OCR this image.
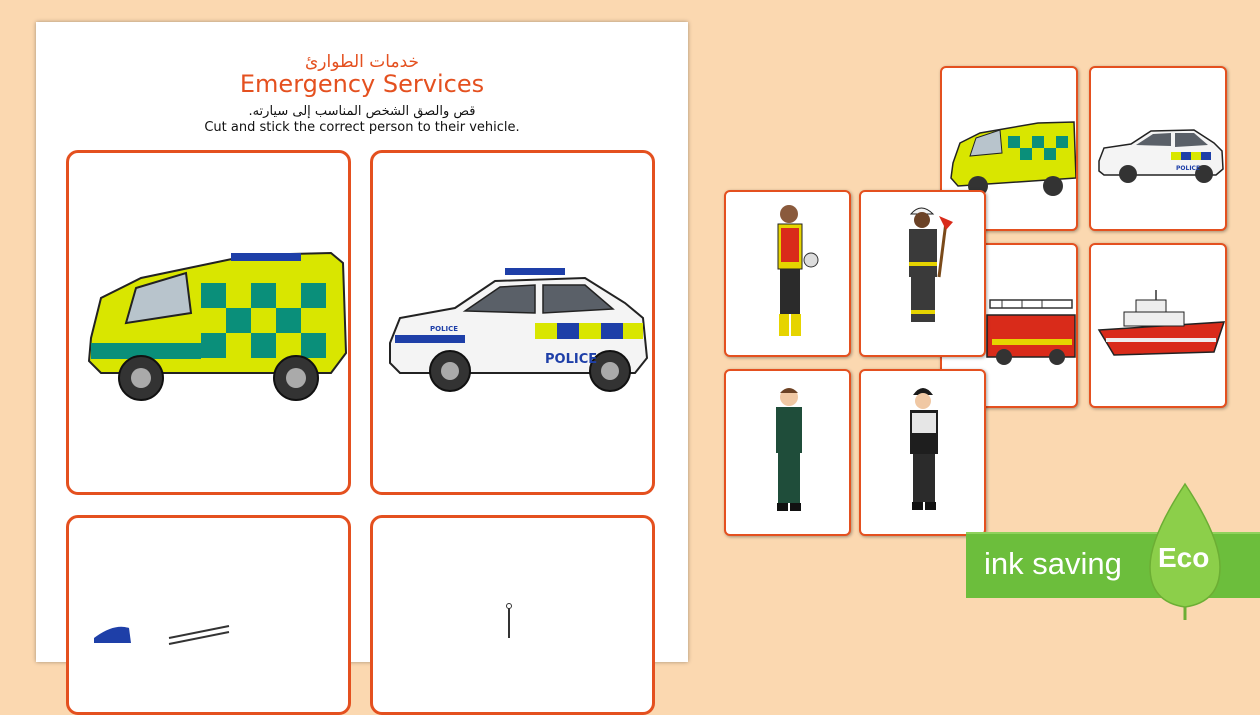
خدمات الطوارئ
Emergency Services
قص والصق الشخص المناسب إلى سيارته.
Cut and stick the correct person to their vehicle.
POLICE
POLICE
POLICE
ink saving Eco
